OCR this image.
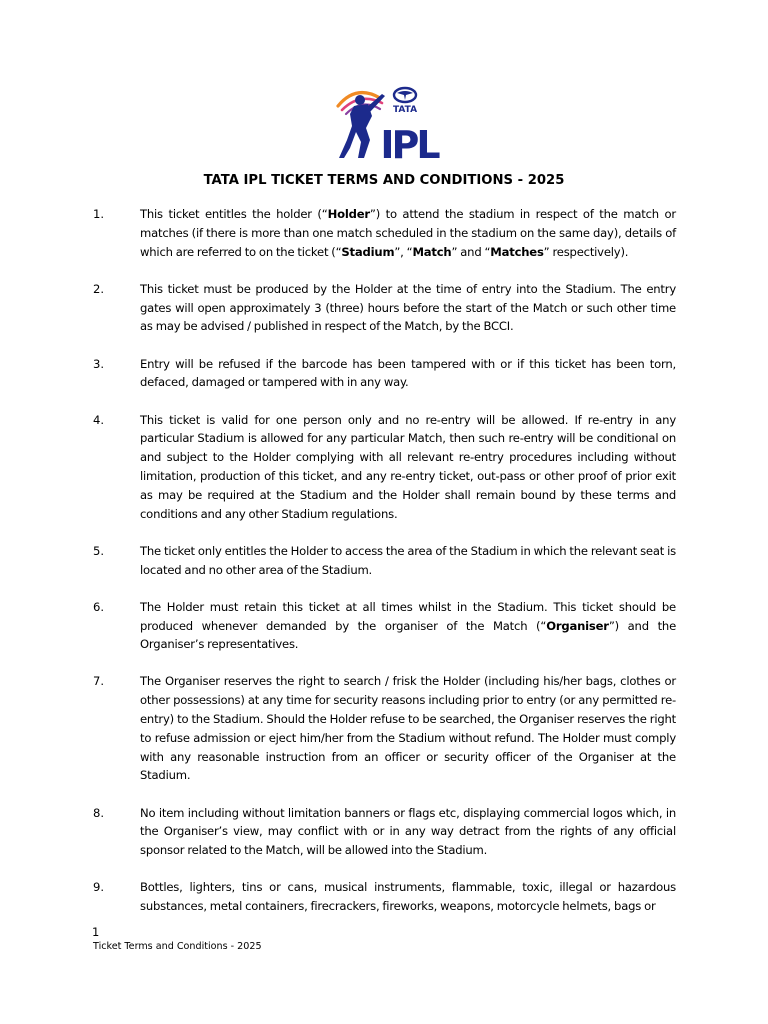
TATA
IPL
TATA IPL TICKET TERMS AND CONDITIONS - 2025
1.	This ticket entitles the holder (“Holder”) to attend the stadium in respect of the match or matches (if there is more than one match scheduled in the stadium on the same day), details of which are referred to on the ticket (“Stadium”, “Match” and “Matches” respectively).
2.	This ticket must be produced by the Holder at the time of entry into the Stadium. The entry gates will open approximately 3 (three) hours before the start of the Match or such other time as may be advised / published in respect of the Match, by the BCCI.
3.	Entry will be refused if the barcode has been tampered with or if this ticket has been torn, defaced, damaged or tampered with in any way.
4.	This ticket is valid for one person only and no re-entry will be allowed. If re-entry in any particular Stadium is allowed for any particular Match, then such re-entry will be conditional on and subject to the Holder complying with all relevant re-entry procedures including without limitation, production of this ticket, and any re-entry ticket, out-pass or other proof of prior exit as may be required at the Stadium and the Holder shall remain bound by these terms and conditions and any other Stadium regulations.
5.	The ticket only entitles the Holder to access the area of the Stadium in which the relevant seat is located and no other area of the Stadium.
6.	The Holder must retain this ticket at all times whilst in the Stadium. This ticket should be produced whenever demanded by the organiser of the Match (“Organiser”) and the Organiser’s representatives.
7.	The Organiser reserves the right to search / frisk the Holder (including his/her bags, clothes or other possessions) at any time for security reasons including prior to entry (or any permitted re-entry) to the Stadium. Should the Holder refuse to be searched, the Organiser reserves the right to refuse admission or eject him/her from the Stadium without refund. The Holder must comply with any reasonable instruction from an officer or security officer of the Organiser at the Stadium.
8.	No item including without limitation banners or flags etc, displaying commercial logos which, in the Organiser’s view, may conflict with or in any way detract from the rights of any official sponsor related to the Match, will be allowed into the Stadium.
9.	Bottles, lighters, tins or cans, musical instruments, flammable, toxic, illegal or hazardous substances, metal containers, firecrackers, fireworks, weapons, motorcycle helmets, bags or
1
Ticket Terms and Conditions - 2025
